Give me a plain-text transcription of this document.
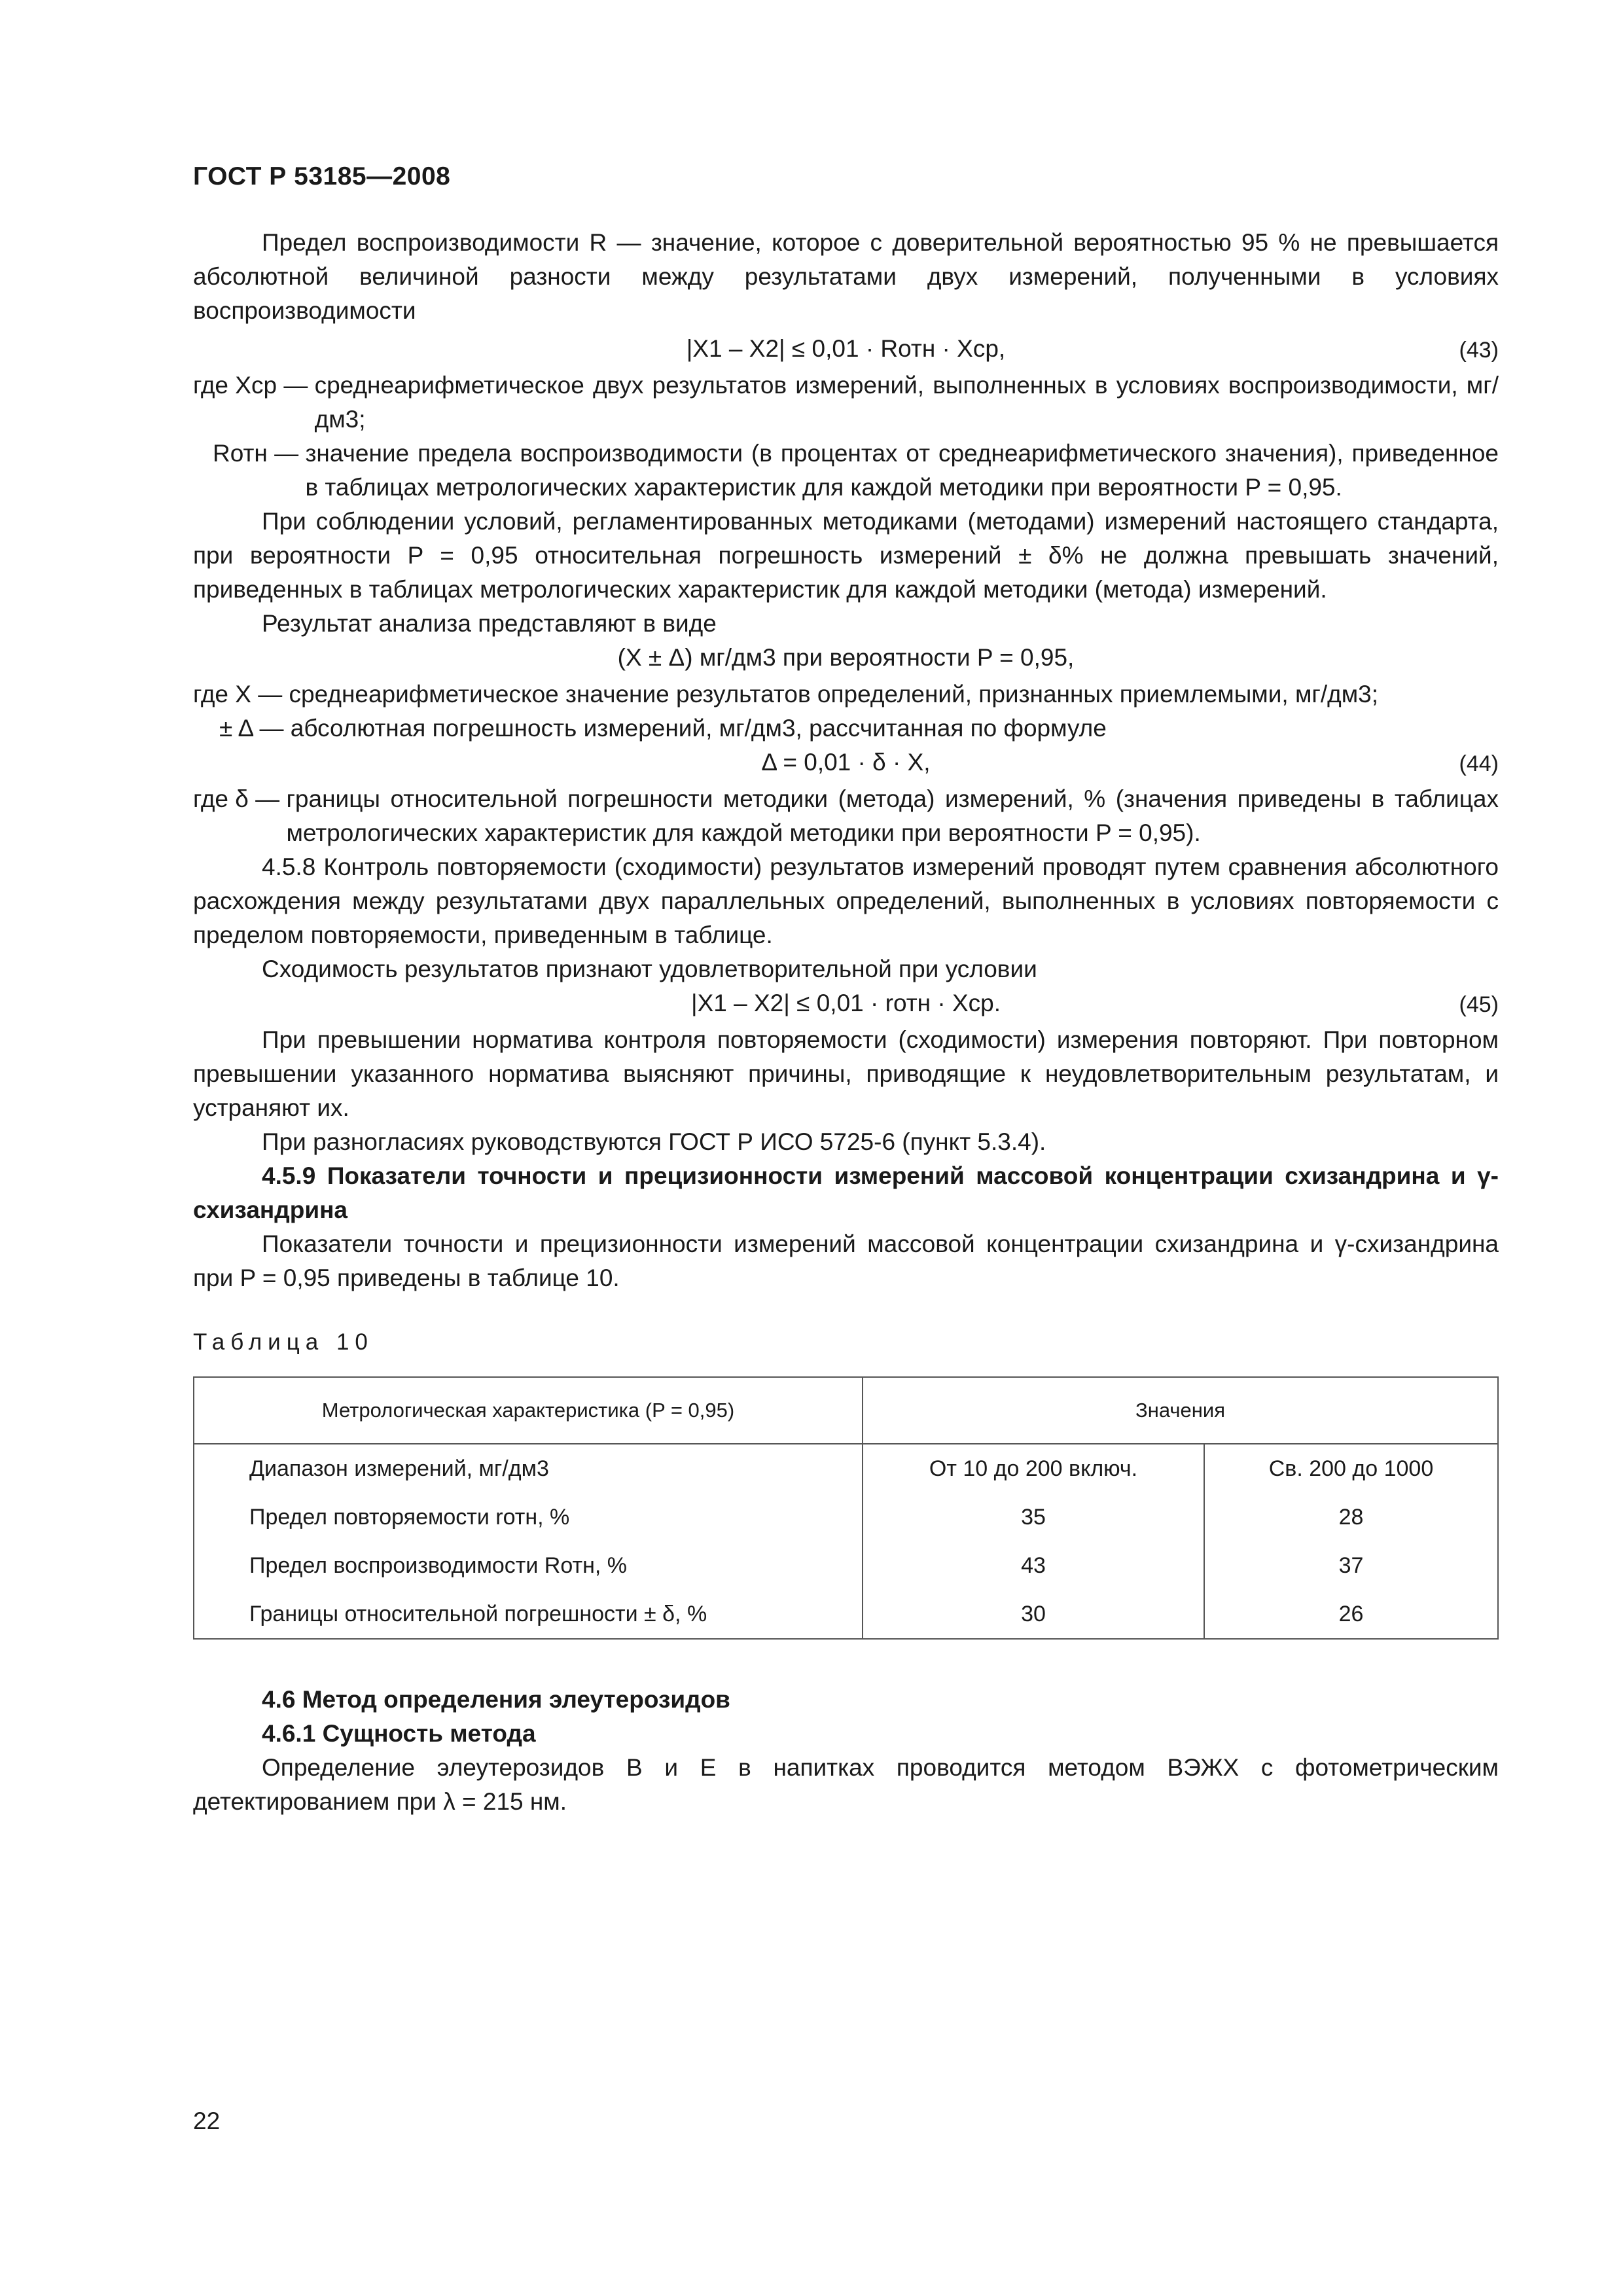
ГОСТ Р 53185—2008

Предел воспроизводимости R — значение, которое с доверительной вероятностью 95 % не превышается абсолютной величиной разности между результатами двух измерений, полученными в условиях воспроизводимости

|X1 – X2| ≤ 0,01 · Rотн · Xср,	(43)
где Xср —
среднеарифметическое двух результатов измерений, выполненных в условиях воспроизводимости, мг/дм3;
Rотн —
значение предела воспроизводимости (в процентах от среднеарифметического значения), приведенное в таблицах метрологических характеристик для каждой методики при вероятности P = 0,95.

При соблюдении условий, регламентированных методиками (методами) измерений настоящего стандарта, при вероятности P = 0,95 относительная погрешность измерений ± δ% не должна превышать значений, приведенных в таблицах метрологических характеристик для каждой методики (метода) измерений.

Результат анализа представляют в виде

(X ± Δ) мг/дм3 при вероятности P = 0,95,
где X —
среднеарифметическое значение результатов определений, признанных приемлемыми, мг/дм3;
± Δ —
абсолютная погрешность измерений, мг/дм3, рассчитанная по формуле
Δ = 0,01 · δ · X,	(44)
где δ —
границы относительной погрешности методики (метода) измерений, % (значения приведены в таблицах метрологических характеристик для каждой методики при вероятности P = 0,95).

4.5.8 Контроль повторяемости (сходимости) результатов измерений проводят путем сравнения абсолютного расхождения между результатами двух параллельных определений, выполненных в условиях повторяемости с пределом повторяемости, приведенным в таблице.

Сходимость результатов признают удовлетворительной при условии

|X1 – X2| ≤ 0,01 · rотн · Xср.	(45)

При превышении норматива контроля повторяемости (сходимости) измерения повторяют. При повторном превышении указанного норматива выясняют причины, приводящие к неудовлетворительным результатам, и устраняют их.

При разногласиях руководствуются ГОСТ Р ИСО 5725-6 (пункт 5.3.4).

4.5.9 Показатели точности и прецизионности измерений массовой концентрации схизандрина и γ-схизандрина

Показатели точности и прецизионности измерений массовой концентрации схизандрина и γ-схизандрина при P = 0,95 приведены в таблице 10.

Таблица 10
Метрологическая характеристика (P = 0,95)	Значения	
Диапазон измерений, мг/дм3	От 10 до 200 включ.	Св. 200 до 1000
Предел повторяемости rотн, %	35	28
Предел воспроизводимости Rотн, %	43	37
Границы относительной погрешности ± δ, %	30	26

4.6 Метод определения элеутерозидов

4.6.1 Сущность метода

Определение элеутерозидов В и Е в напитках проводится методом ВЭЖХ с фотометрическим детектированием при λ = 215 нм.

22
